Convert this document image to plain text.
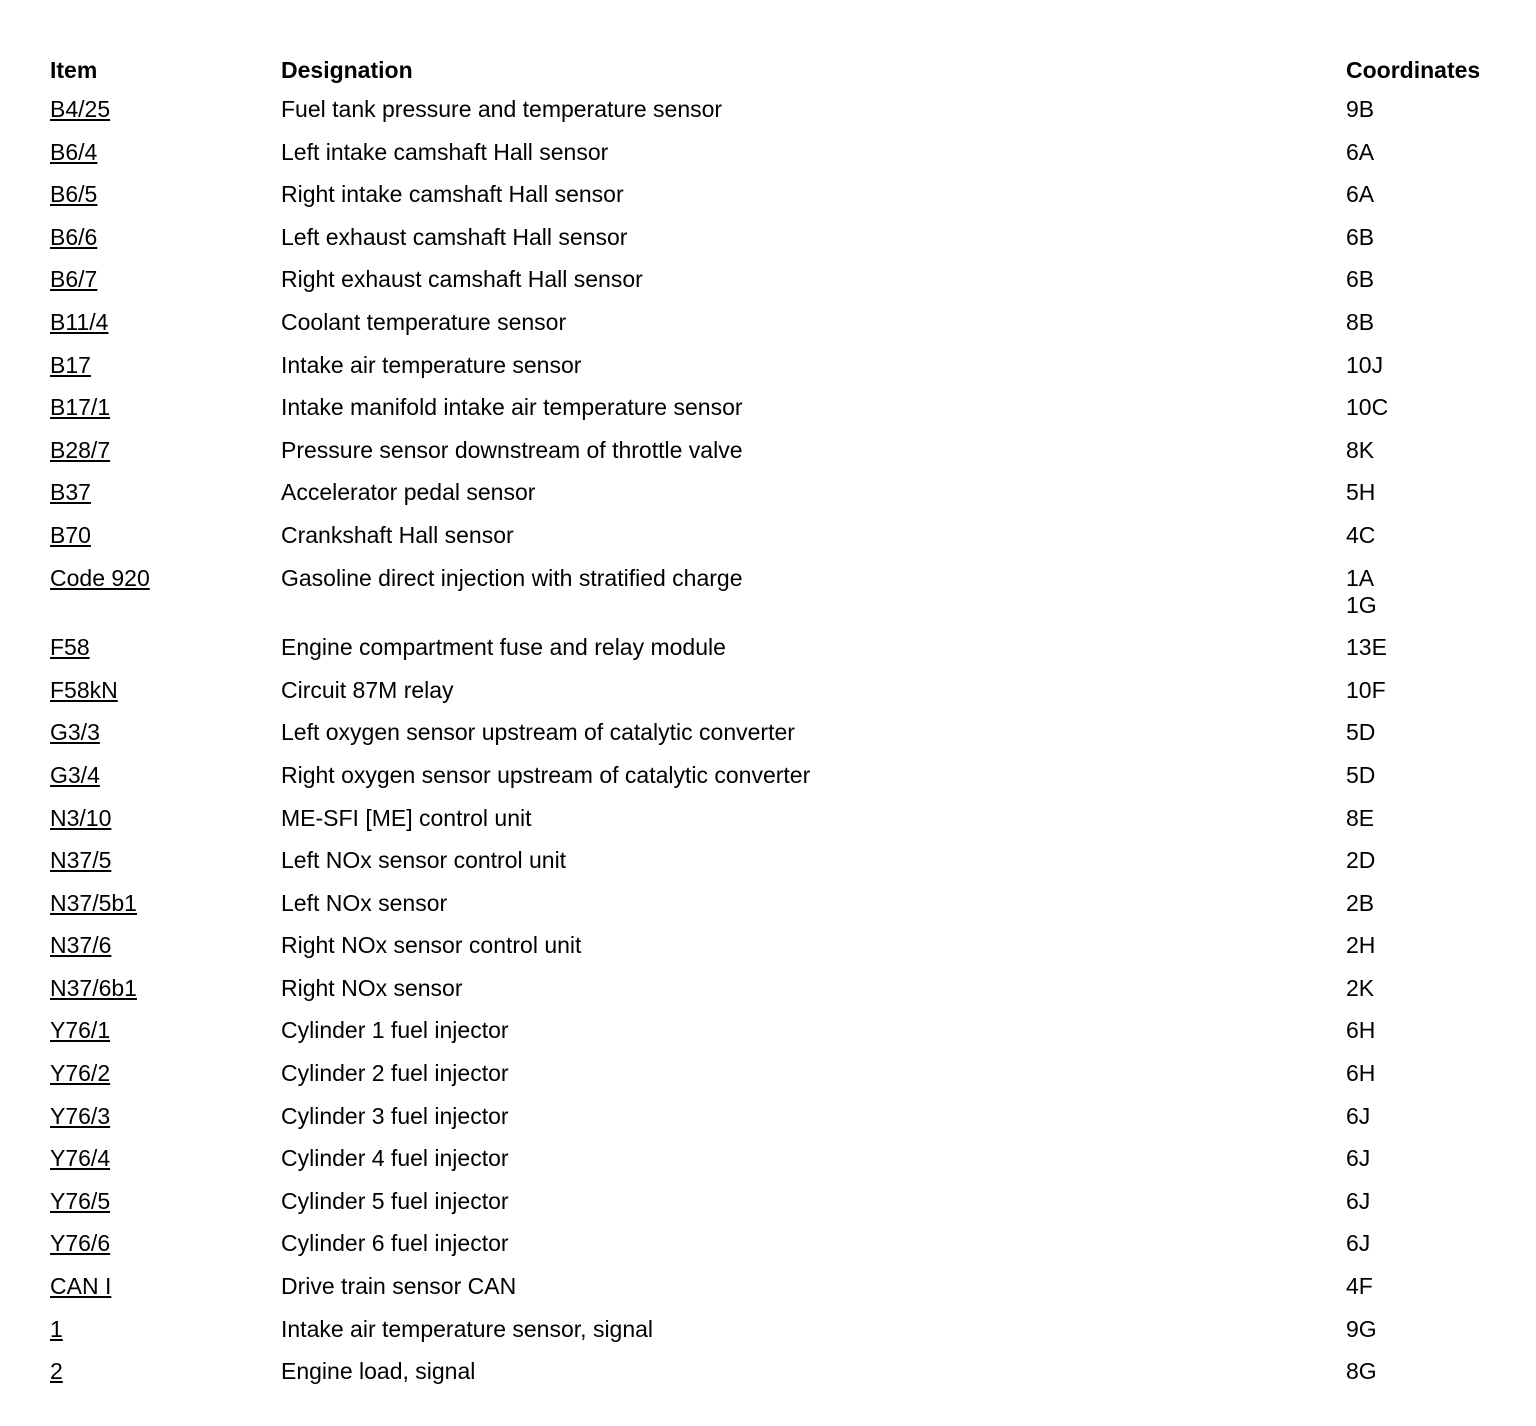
Item	Designation	Coordinates
B4/25	Fuel tank pressure and temperature sensor	9B

B6/4	Left intake camshaft Hall sensor	6A

B6/5	Right intake camshaft Hall sensor	6A

B6/6	Left exhaust camshaft Hall sensor	6B

B6/7	Right exhaust camshaft Hall sensor	6B

B11/4	Coolant temperature sensor	8B

B17	Intake air temperature sensor	10J

B17/1	Intake manifold intake air temperature sensor	10C

B28/7	Pressure sensor downstream of throttle valve	8K

B37	Accelerator pedal sensor	5H

B70	Crankshaft Hall sensor	4C

Code 920	Gasoline direct injection with stratified charge	1A
1G

F58	Engine compartment fuse and relay module	13E

F58kN	Circuit 87M relay	10F

G3/3	Left oxygen sensor upstream of catalytic converter	5D

G3/4	Right oxygen sensor upstream of catalytic converter	5D

N3/10	ME-SFI [ME] control unit	8E

N37/5	Left NOx sensor control unit	2D

N37/5b1	Left NOx sensor	2B

N37/6	Right NOx sensor control unit	2H

N37/6b1	Right NOx sensor	2K

Y76/1	Cylinder 1 fuel injector	6H

Y76/2	Cylinder 2 fuel injector	6H

Y76/3	Cylinder 3 fuel injector	6J

Y76/4	Cylinder 4 fuel injector	6J

Y76/5	Cylinder 5 fuel injector	6J

Y76/6	Cylinder 6 fuel injector	6J

CAN I	Drive train sensor CAN	4F

1	Intake air temperature sensor, signal	9G

2	Engine load, signal	8G
